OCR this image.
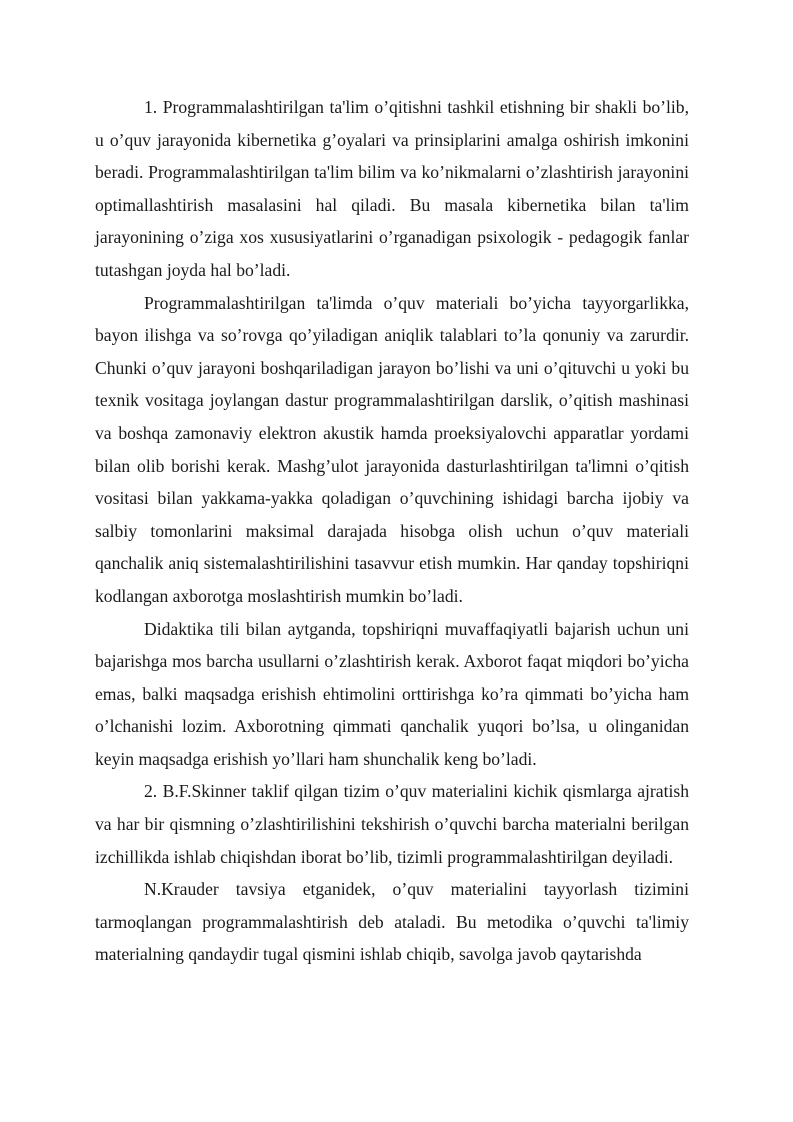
1. Programmalashtirilgan ta'lim o’qitishni tashkil etishning bir shakli bo’lib, u o’quv jarayonida kibernetika g’oyalari va prinsiplarini amalga oshirish imkonini beradi. Programmalashtirilgan ta'lim bilim va ko’nikmalarni o’zlashtirish jarayonini optimallashtirish masalasini hal qiladi. Bu masala kibernetika bilan ta'lim jarayonining o’ziga xos xususiyatlarini o’rganadigan psixologik - pedagogik fanlar tutashgan joyda hal bo’ladi.

Programmalashtirilgan ta'limda o’quv materiali bo’yicha tayyorgarlikka, bayon ilishga va so’rovga qo’yiladigan aniqlik talablari to’la qonuniy va zarurdir. Chunki o’quv jarayoni boshqariladigan jarayon bo’lishi va uni o’qituvchi u yoki bu texnik vositaga joylangan dastur programmalashtirilgan darslik, o’qitish mashinasi va boshqa zamonaviy elektron akustik hamda proeksiyalovchi apparatlar yordami bilan olib borishi kerak. Mashg’ulot jarayonida dasturlashtirilgan ta'limni o’qitish vositasi bilan yakkama-yakka qoladigan o’quvchining ishidagi barcha ijobiy va salbiy tomonlarini maksimal darajada hisobga olish uchun o’quv materiali qanchalik aniq sistemalashtirilishini tasavvur etish mumkin. Har qanday topshiriqni kodlangan axborotga moslashtirish mumkin bo’ladi.

Didaktika tili bilan aytganda, topshiriqni muvaffaqiyatli bajarish uchun uni bajarishga mos barcha usullarni o’zlashtirish kerak. Axborot faqat miqdori bo’yicha emas, balki maqsadga erishish ehtimolini orttirishga ko’ra qimmati bo’yicha ham o’lchanishi lozim. Axborotning qimmati qanchalik yuqori bo’lsa, u olinganidan keyin maqsadga erishish yo’llari ham shunchalik keng bo’ladi.

2. B.F.Skinner taklif qilgan tizim o’quv materialini kichik qismlarga ajratish va har bir qismning o’zlashtirilishini tekshirish o’quvchi barcha materialni berilgan izchillikda ishlab chiqishdan iborat bo’lib, tizimli programmalashtirilgan deyiladi.

N.Krauder tavsiya etganidek, o’quv materialini tayyorlash tizimini tarmoqlangan programmalashtirish deb ataladi. Bu metodika o’quvchi ta'limiy materialning qandaydir tugal qismini ishlab chiqib, savolga javob qaytarishda
